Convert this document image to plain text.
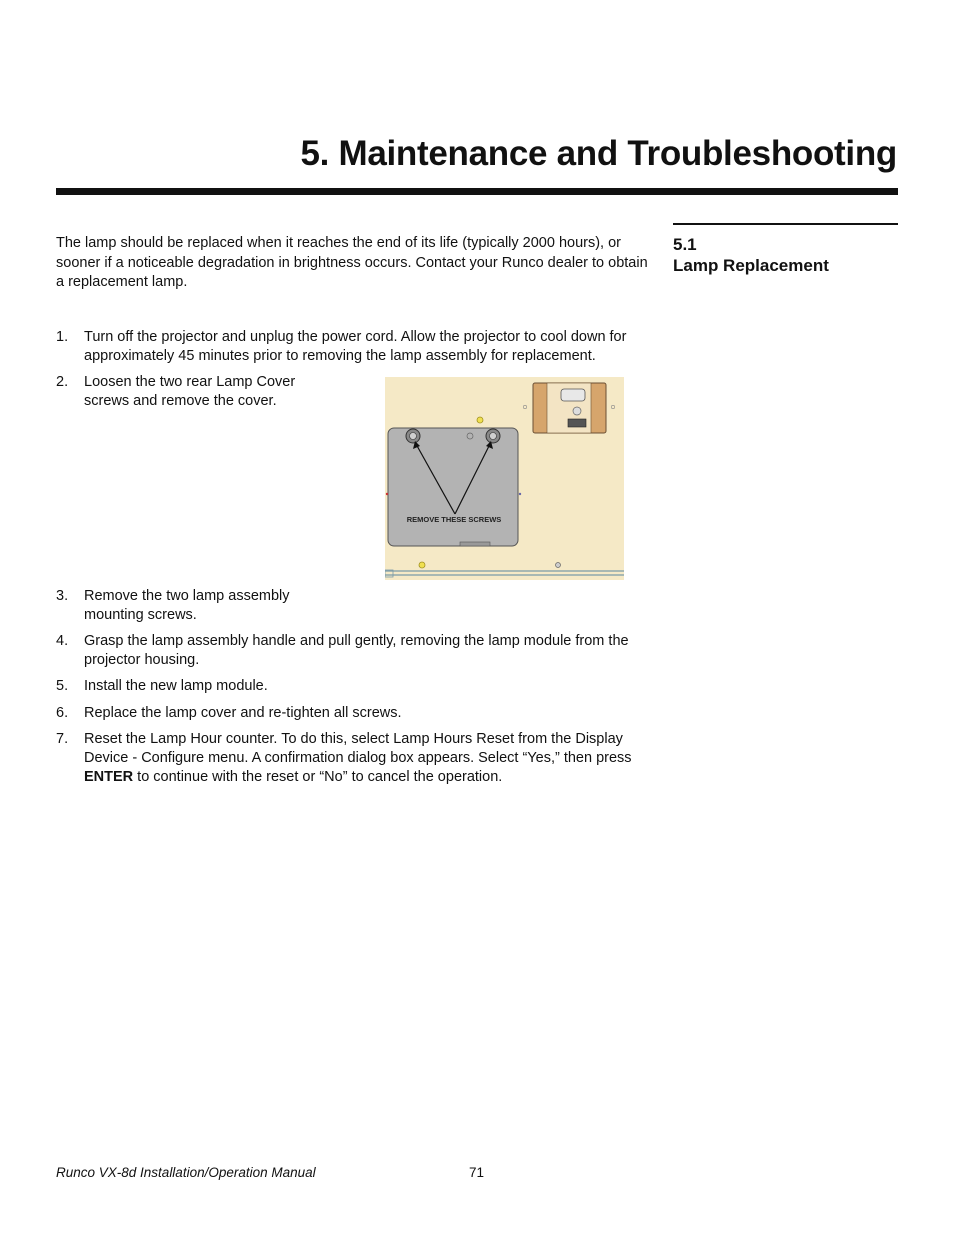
5. Maintenance and Troubleshooting
5.1
Lamp Replacement

The lamp should be replaced when it reaches the end of its life (typically 2000 hours), or sooner if a noticeable degradation in brightness occurs. Contact your Runco dealer to obtain a replacement lamp.

1. Turn off the projector and unplug the power cord. Allow the projector to cool down for approximately 45 minutes prior to removing the lamp assembly for replacement.
2. Loosen the two rear Lamp Cover screws and remove the cover.
REMOVE THESE SCREWS
3. Remove the two lamp assembly mounting screws.
4. Grasp the lamp assembly handle and pull gently, removing the lamp module from the projector housing.
5. Install the new lamp module.
6. Replace the lamp cover and re-tighten all screws.
7. Reset the Lamp Hour counter. To do this, select Lamp Hours Reset from the Display Device - Configure menu. A confirmation dialog box appears. Select “Yes,” then press ENTER to continue with the reset or “No” to cancel the operation.
Runco VX-8d Installation/Operation Manual	71
